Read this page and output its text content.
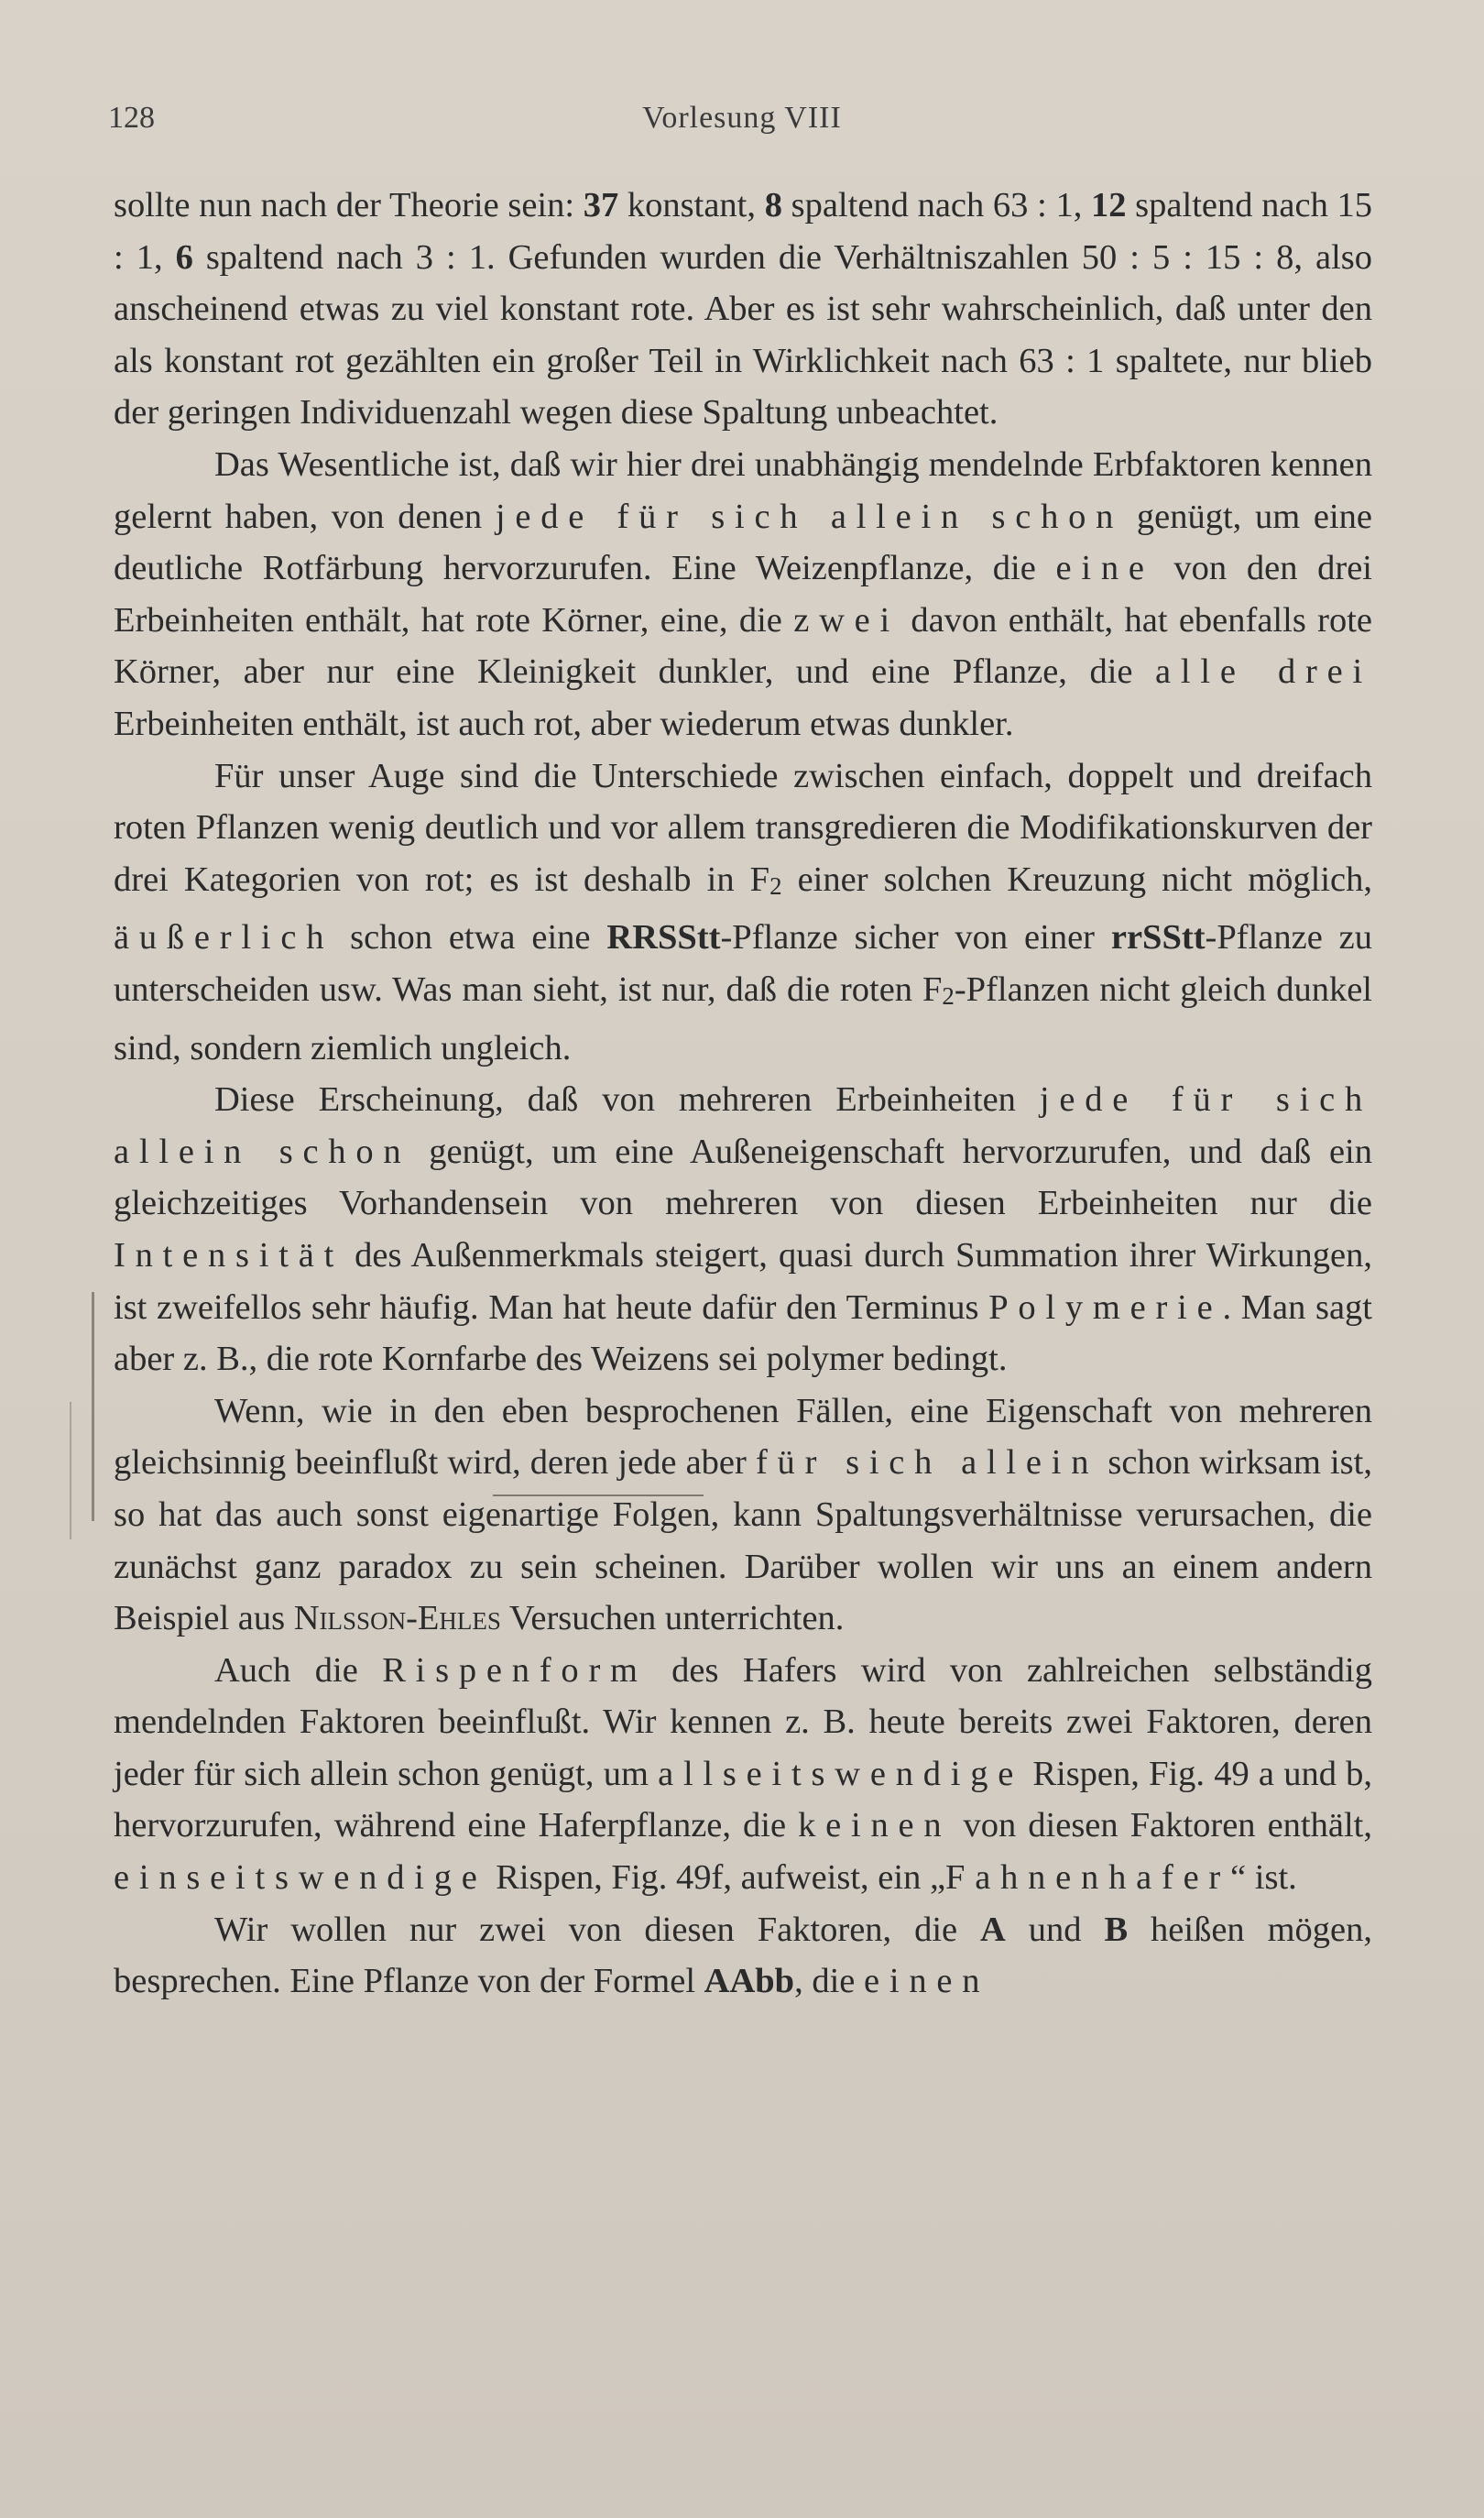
128	Vorlesung VIII

sollte nun nach der Theorie sein: 37 konstant, 8 spaltend nach 63 : 1, 12 spaltend nach 15 : 1, 6 spaltend nach 3 : 1. Gefunden wurden die Verhältniszahlen 50 : 5 : 15 : 8, also anscheinend etwas zu viel konstant rote. Aber es ist sehr wahrscheinlich, daß unter den als konstant rot gezählten ein großer Teil in Wirklichkeit nach 63 : 1 spaltete, nur blieb der geringen Individuenzahl wegen diese Spaltung unbeachtet.

Das Wesentliche ist, daß wir hier drei unabhängig mendelnde Erbfaktoren kennen gelernt haben, von denen jede für sich allein schon genügt, um eine deutliche Rotfärbung hervorzurufen. Eine Weizenpflanze, die eine von den drei Erbeinheiten enthält, hat rote Körner, eine, die zwei davon enthält, hat ebenfalls rote Körner, aber nur eine Kleinigkeit dunkler, und eine Pflanze, die alle drei Erbeinheiten enthält, ist auch rot, aber wiederum etwas dunkler.

Für unser Auge sind die Unterschiede zwischen einfach, doppelt und dreifach roten Pflanzen wenig deutlich und vor allem transgredieren die Modifikationskurven der drei Kategorien von rot; es ist deshalb in $F_2$ einer solchen Kreuzung nicht möglich, äußerlich schon etwa eine RRSStt-Pflanze sicher von einer rrSStt-Pflanze zu unterscheiden usw. Was man sieht, ist nur, daß die roten $F_2$-Pflanzen nicht gleich dunkel sind, sondern ziemlich ungleich.

Diese Erscheinung, daß von mehreren Erbeinheiten jede für sich allein schon genügt, um eine Außeneigenschaft hervorzurufen, und daß ein gleichzeitiges Vorhandensein von mehreren von diesen Erbeinheiten nur die Intensität des Außenmerkmals steigert, quasi durch Summation ihrer Wirkungen, ist zweifellos sehr häufig. Man hat heute dafür den Terminus Polymerie. Man sagt aber z. B., die rote Kornfarbe des Weizens sei polymer bedingt.

Wenn, wie in den eben besprochenen Fällen, eine Eigenschaft von mehreren gleichsinnig beeinflußt wird, deren jede aber für sich allein schon wirksam ist, so hat das auch sonst eigenartige Folgen, kann Spaltungsverhältnisse verursachen, die zunächst ganz paradox zu sein scheinen. Darüber wollen wir uns an einem andern Beispiel aus Nilsson-Ehles Versuchen unterrichten.

Auch die Rispenform des Hafers wird von zahlreichen selbständig mendelnden Faktoren beeinflußt. Wir kennen z. B. heute bereits zwei Faktoren, deren jeder für sich allein schon genügt, um allseitswendige Rispen, Fig. 49 a und b, hervorzurufen, während eine Haferpflanze, die keinen von diesen Faktoren enthält, einseitswendige Rispen, Fig. 49f, aufweist, ein „Fahnenhafer“ ist.

Wir wollen nur zwei von diesen Faktoren, die A und B heißen mögen, besprechen. Eine Pflanze von der Formel AAbb, die einen
